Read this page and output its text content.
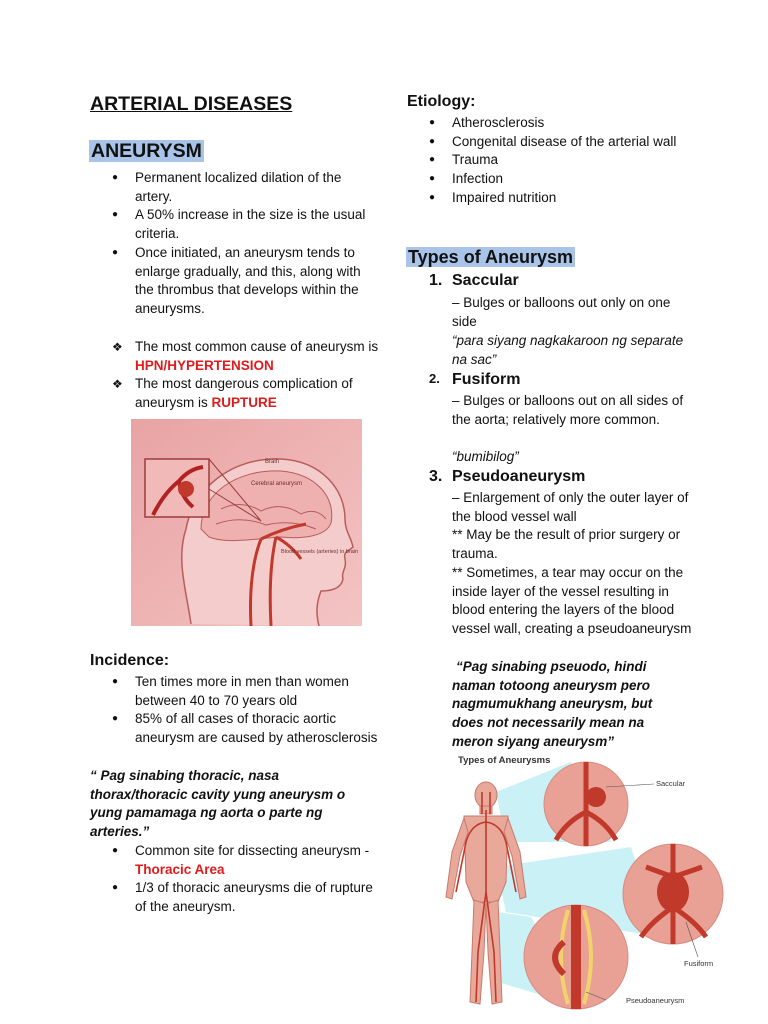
ARTERIAL DISEASES
ANEURYSM
● Permanent localized dilation of the artery.
● A 50% increase in the size is the usual criteria.
● Once initiated, an aneurysm tends to enlarge gradually, and this, along with the thrombus that develops within the aneurysms.
❖ The most common cause of aneurysm is HPN/HYPERTENSION
❖ The most dangerous complication of aneurysm is RUPTURE
Brain
Cerebral aneurysm
Blood vessels (arteries) in brain
Incidence:
● Ten times more in men than women between 40 to 70 years old
● 85% of all cases of thoracic aortic aneurysm are caused by atherosclerosis
“ Pag sinabing thoracic, nasa thorax/thoracic cavity yung aneurysm o yung pamamaga ng aorta o parte ng arteries.”
● Common site for dissecting aneurysm - Thoracic Area
● 1/3 of thoracic aneurysms die of rupture of the aneurysm.
Etiology:
● Atherosclerosis
● Congenital disease of the arterial wall
● Trauma
● Infection
● Impaired nutrition
Types of Aneurysm
1. Saccular
– Bulges or balloons out only on one side
“para siyang nagkakaroon ng separate na sac”
2. Fusiform
– Bulges or balloons out on all sides of the aorta; relatively more common.
“bumibilog”
3. Pseudoaneurysm
– Enlargement of only the outer layer of the blood vessel wall
** May be the result of prior surgery or trauma.
** Sometimes, a tear may occur on the inside layer of the vessel resulting in blood entering the layers of the blood vessel wall, creating a pseudoaneurysm
“Pag sinabing pseuodo, hindi naman totoong aneurysm pero nagmumukhang aneurysm, but does not necessarily mean na meron siyang aneurysm”
Types of Aneurysms
Saccular
Fusiform
Pseudoaneurysm
